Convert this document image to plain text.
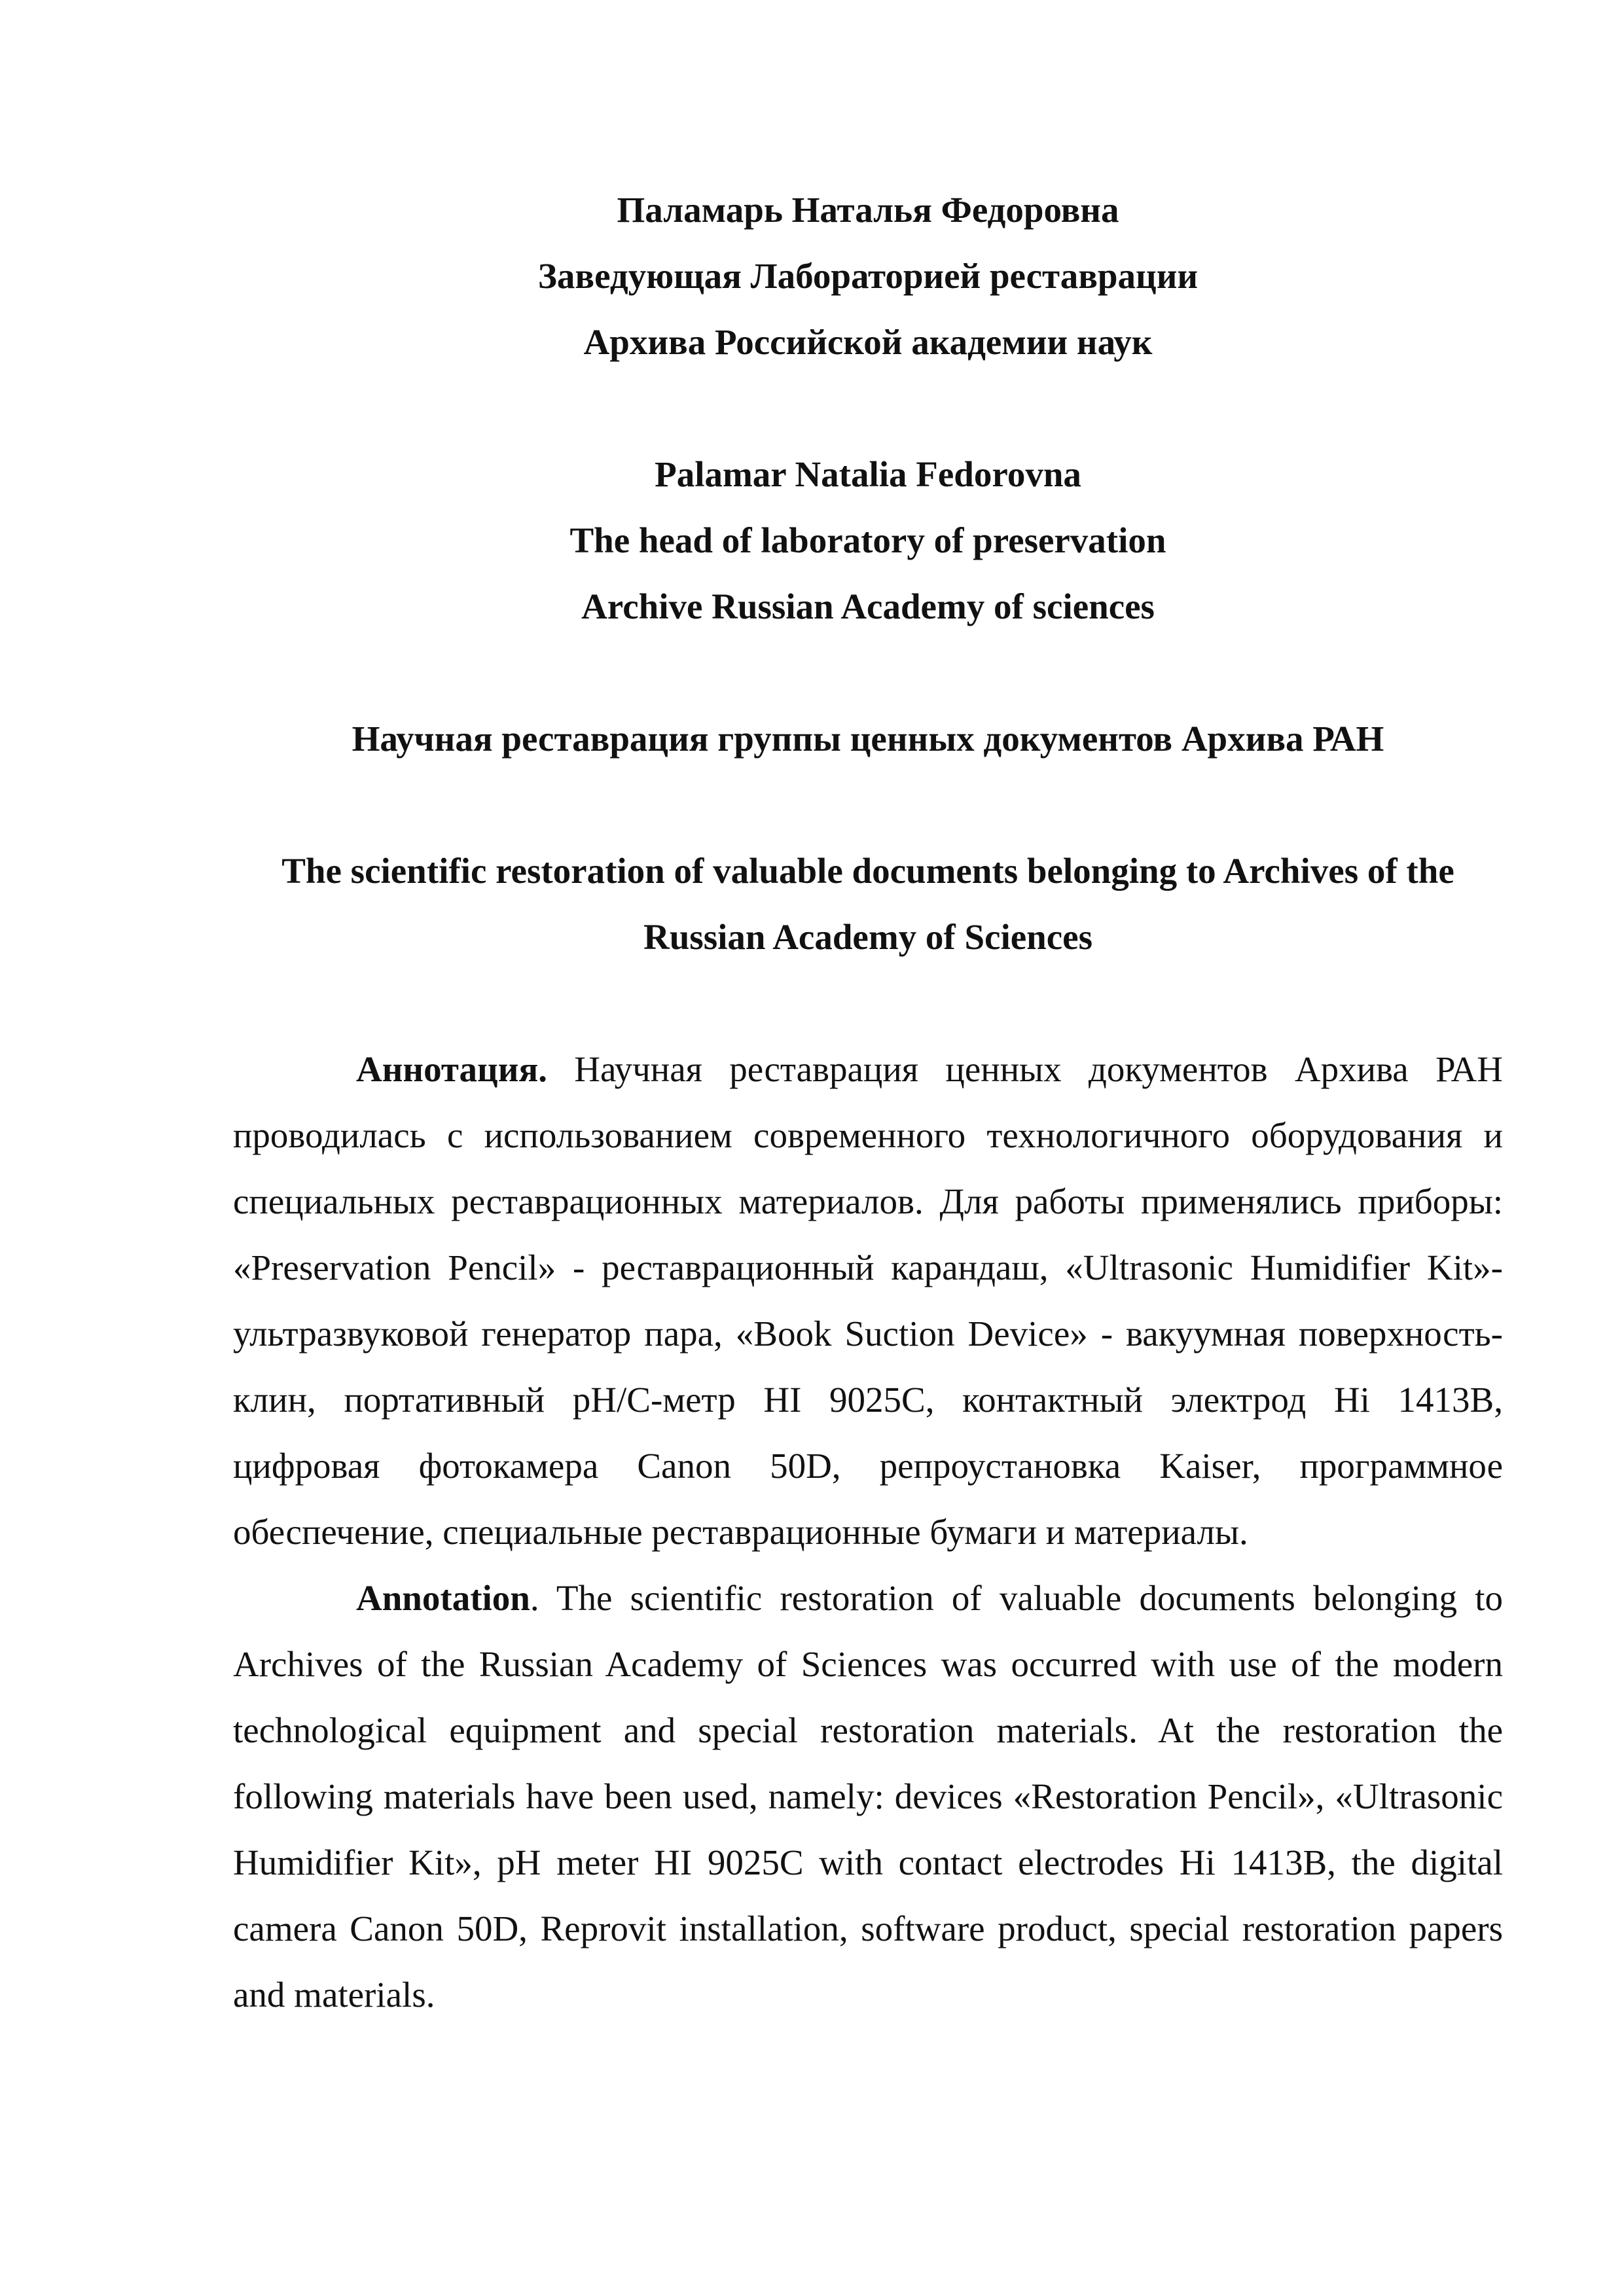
Паламарь Наталья Федоровна

Заведующая Лабораторией реставрации

Архива Российской академии наук

Palamar Natalia Fedorovna

The head of laboratory of preservation

Archive Russian Academy of sciences

Научная реставрация группы ценных документов Архива РАН

The scientific restoration of valuable documents belonging to Archives of the

Russian Academy of Sciences

Аннотация. Научная реставрация ценных документов Архива РАН проводилась с использованием современного технологичного оборудования и специальных реставрационных материалов. Для работы применялись приборы: «Preservation Pencil» - реставрационный карандаш, «Ultrasonic Humidifier Kit»-ультразвуковой генератор пара, «Book Suction Device» - вакуумная поверхность-клин, портативный pH/C-метр HI 9025C, контактный электрод Hi 1413B, цифровая фотокамера Canon 50D, репроустановка Kaiser, программное обеспечение, специальные реставрационные бумаги и материалы.

Annotation. The scientific restoration of valuable documents belonging to Archives of the Russian Academy of Sciences was occurred with use of the modern technological equipment and special restoration materials. At the restoration the following materials have been used, namely: devices «Restoration Pencil», «Ultrasonic Humidifier Kit», pH meter HI 9025C with contact electrodes Hi 1413B, the digital camera Canon 50D, Reprovit installation, software product, special restoration papers and materials.
